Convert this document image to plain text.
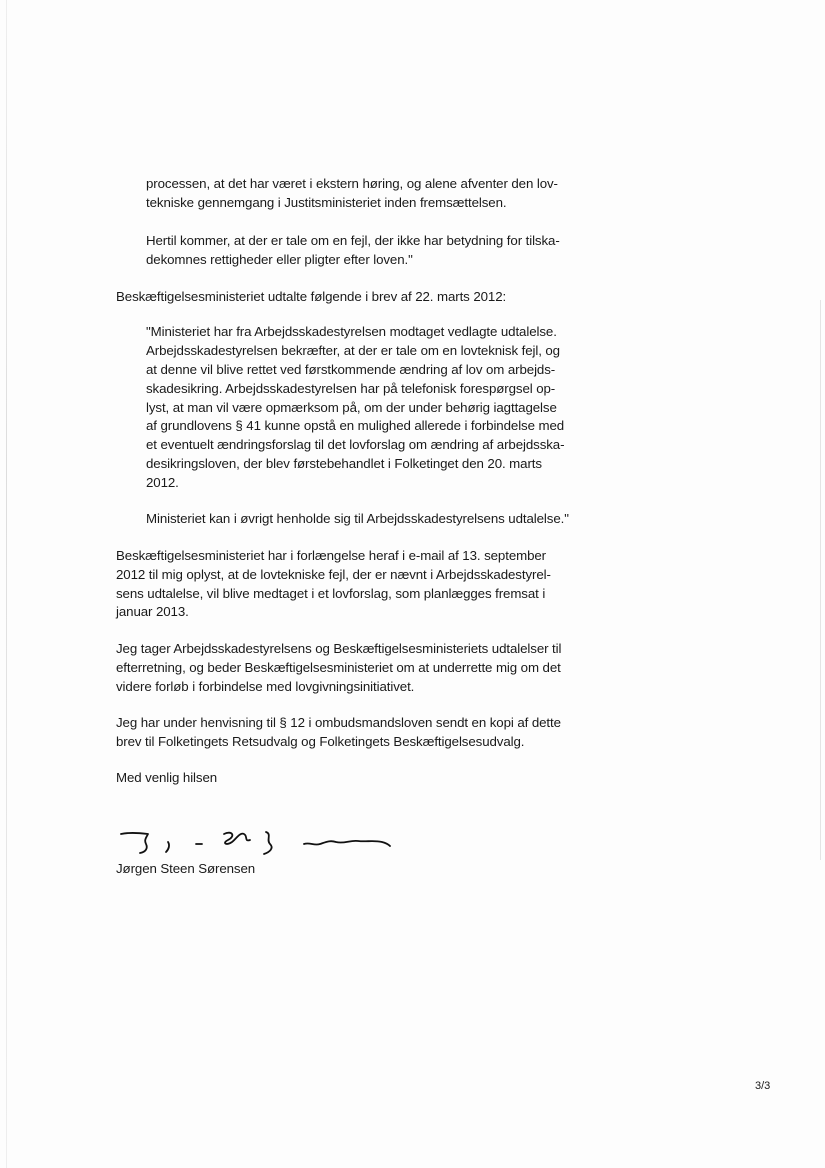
processen, at det har været i ekstern høring, og alene afventer den lov-
tekniske gennemgang i Justitsministeriet inden fremsættelsen.
Hertil kommer, at der er tale om en fejl, der ikke har betydning for tilska-
dekomnes rettigheder eller pligter efter loven."
Beskæftigelsesministeriet udtalte følgende i brev af 22. marts 2012:
"Ministeriet har fra Arbejdsskadestyrelsen modtaget vedlagte udtalelse.
Arbejdsskadestyrelsen bekræfter, at der er tale om en lovteknisk fejl, og
at denne vil blive rettet ved førstkommende ændring af lov om arbejds-
skadesikring. Arbejdsskadestyrelsen har på telefonisk forespørgsel op-
lyst, at man vil være opmærksom på, om der under behørig iagttagelse
af grundlovens § 41 kunne opstå en mulighed allerede i forbindelse med
et eventuelt ændringsforslag til det lovforslag om ændring af arbejdsska-
desikringsloven, der blev førstebehandlet i Folketinget den 20. marts
2012.
Ministeriet kan i øvrigt henholde sig til Arbejdsskadestyrelsens udtalelse."
Beskæftigelsesministeriet har i forlængelse heraf i e-mail af 13. september
2012 til mig oplyst, at de lovtekniske fejl, der er nævnt i Arbejdsskadestyrel-
sens udtalelse, vil blive medtaget i et lovforslag, som planlægges fremsat i
januar 2013.
Jeg tager Arbejdsskadestyrelsens og Beskæftigelsesministeriets udtalelser til
efterretning, og beder Beskæftigelsesministeriet om at underrette mig om det
videre forløb i forbindelse med lovgivningsinitiativet.
Jeg har under henvisning til § 12 i ombudsmandsloven sendt en kopi af dette
brev til Folketingets Retsudvalg og Folketingets Beskæftigelsesudvalg.
Med venlig hilsen
Jørgen Steen Sørensen
3/3
